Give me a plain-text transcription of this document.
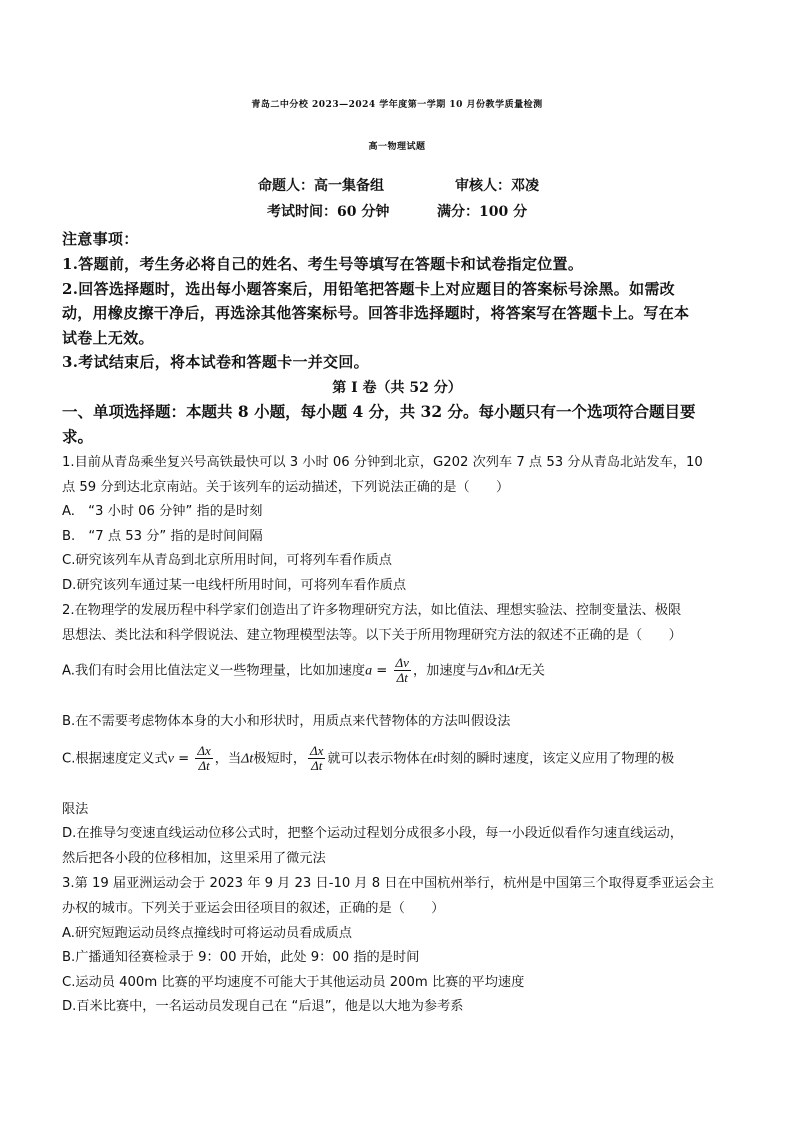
青岛二中分校 2023—2024 学年度第一学期 10 月份教学质量检测
高一物理试题
命题人：高一集备组	审核人：邓凌
考试时间：60 分钟	满分：100 分
注意事项：
1.答题前，考生务必将自己的姓名、考生号等填写在答题卡和试卷指定位置。
2.回答选择题时，选出每小题答案后，用铅笔把答题卡上对应题目的答案标号涂黑。如需改
动，用橡皮擦干净后，再选涂其他答案标号。回答非选择题时，将答案写在答题卡上。写在本
试卷上无效。
3.考试结束后，将本试卷和答题卡一并交回。
第 I 卷（共 52 分）
一、单项选择题：本题共 8 小题，每小题 4 分，共 32 分。每小题只有一个选项符合题目要
求。
1.目前从青岛乘坐复兴号高铁最快可以 3 小时 06 分钟到北京，G202 次列车 7 点 53 分从青岛北站发车，10
点 59 分到达北京南站。关于该列车的运动描述，下列说法正确的是（　　）
A.　“3 小时 06 分钟” 指的是时刻
B.　“7 点 53 分” 指的是时间间隔
C.研究该列车从青岛到北京所用时间，可将列车看作质点
D.研究该列车通过某一电线杆所用时间，可将列车看作质点
2.在物理学的发展历程中科学家们创造出了许多物理研究方法，如比值法、理想实验法、控制变量法、极限
思想法、类比法和科学假说法、建立物理模型法等。以下关于所用物理研究方法的叙述不正确的是（　　）
A.我们有时会用比值法定义一些物理量，比如加速度$a = \frac{\Delta v}{\Delta t}$ ，加速度与Δv和Δt无关
B.在不需要考虑物体本身的大小和形状时，用质点来代替物体的方法叫假设法
C.根据速度定义式$v = \frac{\Delta x}{\Delta t}$ ，当Δt极短时， $\frac{\Delta x}{\Delta t}$ 就可以表示物体在t时刻的瞬时速度，该定义应用了物理的极
限法
D.在推导匀变速直线运动位移公式时，把整个运动过程划分成很多小段，每一小段近似看作匀速直线运动，
然后把各小段的位移相加，这里采用了微元法
3.第 19 届亚洲运动会于 2023 年 9 月 23 日-10 月 8 日在中国杭州举行，杭州是中国第三个取得夏季亚运会主
办权的城市。下列关于亚运会田径项目的叙述，正确的是（　　）
A.研究短跑运动员终点撞线时可将运动员看成质点
B.广播通知径赛检录于 9：00 开始，此处 9：00 指的是时间
C.运动员 400m 比赛的平均速度不可能大于其他运动员 200m 比赛的平均速度
D.百米比赛中，一名运动员发现自己在 “后退”，他是以大地为参考系
